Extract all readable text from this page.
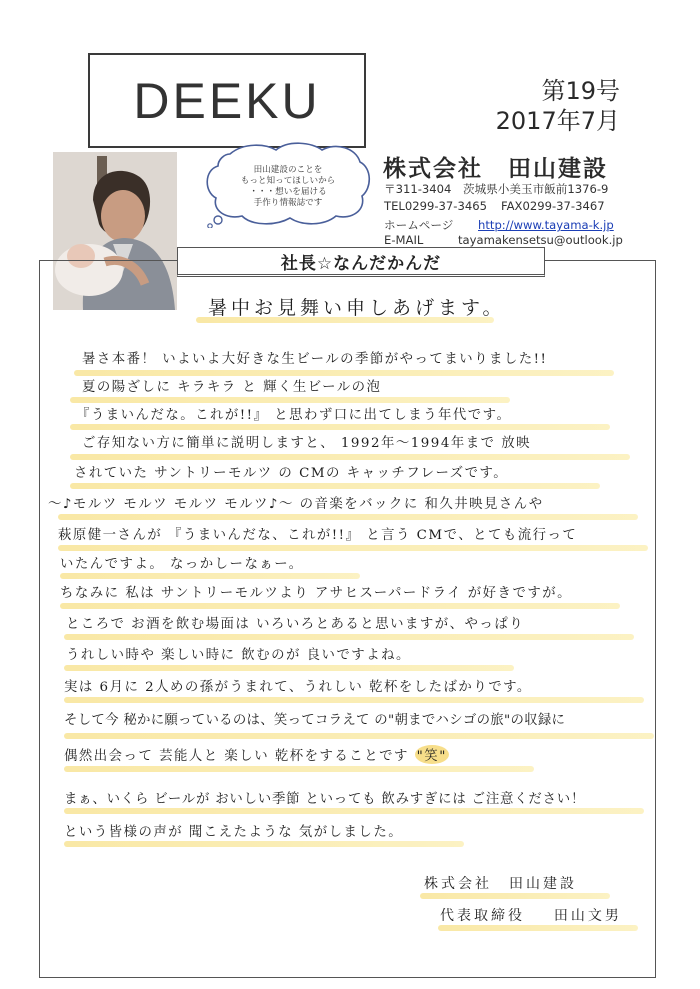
DEEKU	第19号
2017年7月
田山建設のことを
もっと知ってほしいから
・・・想いを届ける
手作り情報誌です
株式会社　田山建設
〒311-3404　茨城県小美玉市飯前1376-9
TEL0299-37-3465 FAX0299-37-3467
ホームページ http://www.tayama-k.jp
E-MAIL	tayamakensetsu@outlook.jp
社長☆なんだかんだ
暑中お見舞い申しあげます。
暑さ本番！ いよいよ大好きな生ビールの季節がやってまいりました!!
夏の陽ざしに キラキラ と 輝く生ビールの泡
『うまいんだな。これが!!』 と思わず口に出てしまう年代です。
ご存知ない方に簡単に説明しますと、 1992年～1994年まで 放映
されていた サントリーモルツ の CMの キャッチフレーズです。
～♪モルツ モルツ モルツ モルツ♪～ の音楽をバックに 和久井映見さんや
萩原健一さんが 『うまいんだな、これが!!』 と言う CMで、とても流行って
いたんですよ。 なっかしーなぁー。
ちなみに 私は サントリーモルツより アサヒスーパードライ が好きですが。
ところで お酒を飲む場面は いろいろとあると思いますが、やっぱり
うれしい時や 楽しい時に 飲むのが 良いですよね。
実は 6月に 2人めの孫がうまれて、うれしい 乾杯をしたばかりです。
そして今 秘かに願っているのは、笑ってコラえて の"朝までハシゴの旅"の収録に
偶然出会って 芸能人と 楽しい 乾杯をすることです "笑"
まぁ、いくら ビールが おいしい季節 といっても 飲みすぎには ご注意ください！
という皆様の声が 聞こえたような 気がしました。
株式会社　田山建設
代表取締役 田山文男
